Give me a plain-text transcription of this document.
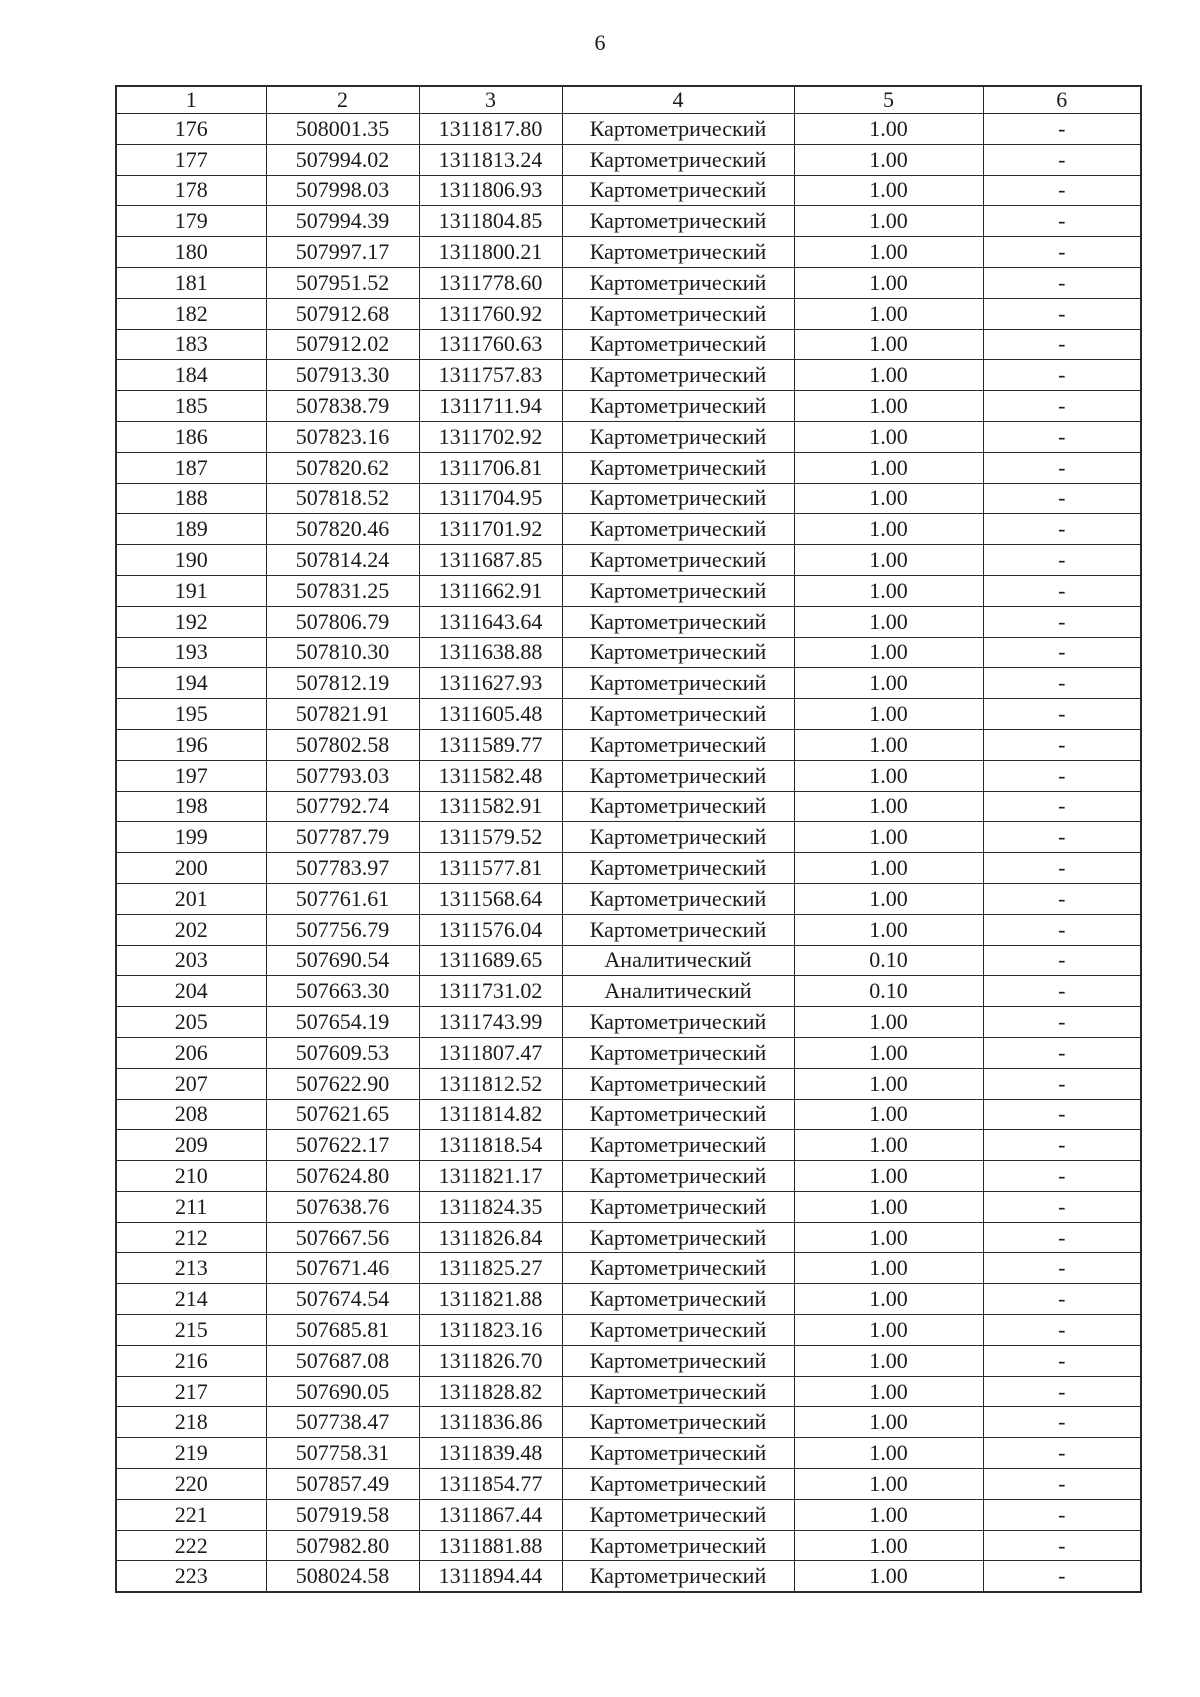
6
1	2	3	4	5	6
176	508001.35	1311817.80	Картометрический	1.00	-
177	507994.02	1311813.24	Картометрический	1.00	-
178	507998.03	1311806.93	Картометрический	1.00	-
179	507994.39	1311804.85	Картометрический	1.00	-
180	507997.17	1311800.21	Картометрический	1.00	-
181	507951.52	1311778.60	Картометрический	1.00	-
182	507912.68	1311760.92	Картометрический	1.00	-
183	507912.02	1311760.63	Картометрический	1.00	-
184	507913.30	1311757.83	Картометрический	1.00	-
185	507838.79	1311711.94	Картометрический	1.00	-
186	507823.16	1311702.92	Картометрический	1.00	-
187	507820.62	1311706.81	Картометрический	1.00	-
188	507818.52	1311704.95	Картометрический	1.00	-
189	507820.46	1311701.92	Картометрический	1.00	-
190	507814.24	1311687.85	Картометрический	1.00	-
191	507831.25	1311662.91	Картометрический	1.00	-
192	507806.79	1311643.64	Картометрический	1.00	-
193	507810.30	1311638.88	Картометрический	1.00	-
194	507812.19	1311627.93	Картометрический	1.00	-
195	507821.91	1311605.48	Картометрический	1.00	-
196	507802.58	1311589.77	Картометрический	1.00	-
197	507793.03	1311582.48	Картометрический	1.00	-
198	507792.74	1311582.91	Картометрический	1.00	-
199	507787.79	1311579.52	Картометрический	1.00	-
200	507783.97	1311577.81	Картометрический	1.00	-
201	507761.61	1311568.64	Картометрический	1.00	-
202	507756.79	1311576.04	Картометрический	1.00	-
203	507690.54	1311689.65	Аналитический	0.10	-
204	507663.30	1311731.02	Аналитический	0.10	-
205	507654.19	1311743.99	Картометрический	1.00	-
206	507609.53	1311807.47	Картометрический	1.00	-
207	507622.90	1311812.52	Картометрический	1.00	-
208	507621.65	1311814.82	Картометрический	1.00	-
209	507622.17	1311818.54	Картометрический	1.00	-
210	507624.80	1311821.17	Картометрический	1.00	-
211	507638.76	1311824.35	Картометрический	1.00	-
212	507667.56	1311826.84	Картометрический	1.00	-
213	507671.46	1311825.27	Картометрический	1.00	-
214	507674.54	1311821.88	Картометрический	1.00	-
215	507685.81	1311823.16	Картометрический	1.00	-
216	507687.08	1311826.70	Картометрический	1.00	-
217	507690.05	1311828.82	Картометрический	1.00	-
218	507738.47	1311836.86	Картометрический	1.00	-
219	507758.31	1311839.48	Картометрический	1.00	-
220	507857.49	1311854.77	Картометрический	1.00	-
221	507919.58	1311867.44	Картометрический	1.00	-
222	507982.80	1311881.88	Картометрический	1.00	-
223	508024.58	1311894.44	Картометрический	1.00	-
